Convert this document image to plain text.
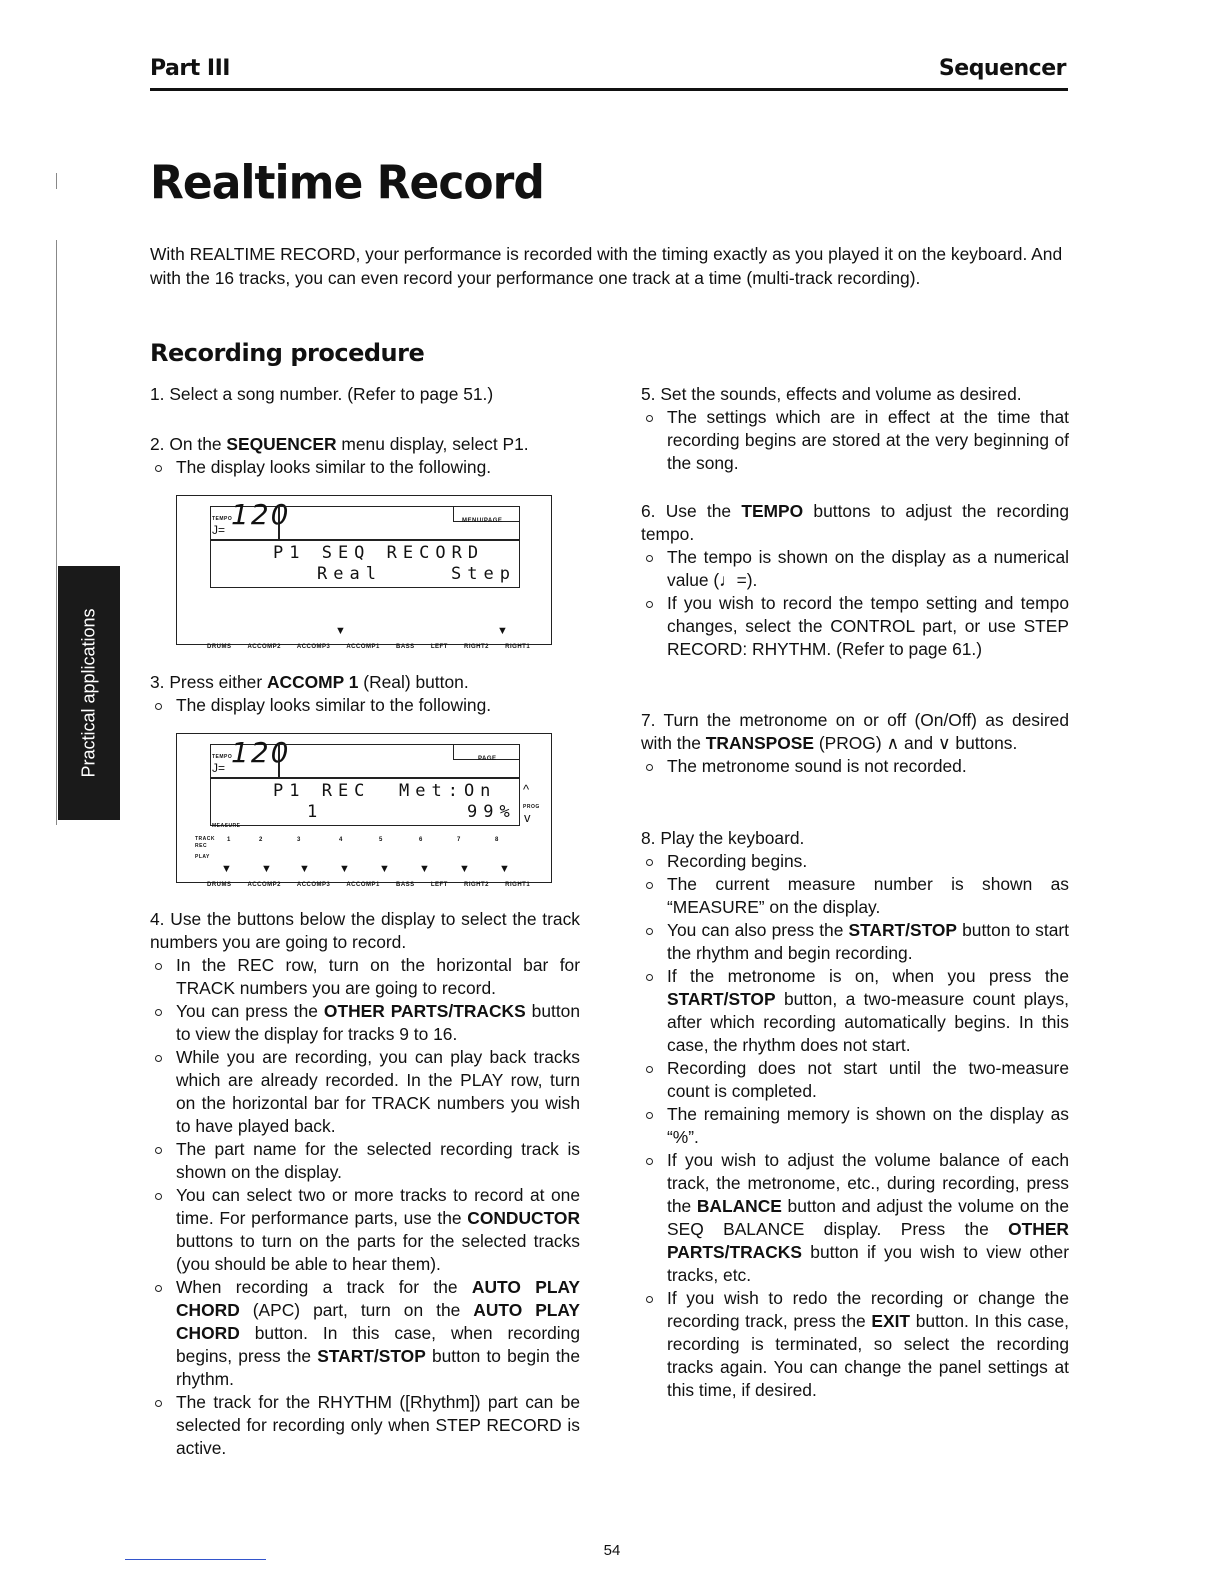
Part III	Sequencer
Practical applications
Realtime Record
With REALTIME RECORD, your performance is recorded with the timing exactly as you played it on the keyboard. And with the 16 tracks, you can even record your performance one track at a time (multi-track recording).
Recording procedure
1. Select a song number. (Refer to page 51.)
2. On the SEQUENCER menu display, select P1.
The display looks similar to the following.
TEMPO
J= 120	MENU/PAGE
P1 SEQ RECORD
Real	Step
▼	▼
DRUMS ACCOMP2 ACCOMP3 ACCOMP1 BASS LEFT RIGHT2 RIGHT1
3. Press either ACCOMP 1 (Real) button.
The display looks similar to the following.
TEMPO
J= 120	PAGE
P1 REC Met:On
1	99%
MEASURE
^
PROG
v
TRACK
REC
PLAY
1	2	3	4	5	6	7	8
▼	▼ ▼	▼	▼	▼	▼	▼
DRUMS ACCOMP2 ACCOMP3 ACCOMP1 BASS LEFT RIGHT2 RIGHT1
4. Use the buttons below the display to select the track numbers you are going to record.
In the REC row, turn on the horizontal bar for TRACK numbers you are going to record.
You can press the OTHER PARTS/TRACKS button to view the display for tracks 9 to 16.
While you are recording, you can play back tracks which are already recorded. In the PLAY row, turn on the horizontal bar for TRACK numbers you wish to have played back.
The part name for the selected recording track is shown on the display.
You can select two or more tracks to record at one time. For performance parts, use the CONDUCTOR buttons to turn on the parts for the selected tracks (you should be able to hear them).
When recording a track for the AUTO PLAY CHORD (APC) part, turn on the AUTO PLAY CHORD button. In this case, when recording begins, press the START/STOP button to begin the rhythm.
The track for the RHYTHM ([Rhythm]) part can be selected for recording only when STEP RECORD is active.
5. Set the sounds, effects and volume as desired.
The settings which are in effect at the time that recording begins are stored at the very beginning of the song.
6. Use the TEMPO buttons to adjust the recording tempo.
The tempo is shown on the display as a numerical value (♩=).
If you wish to record the tempo setting and tempo changes, select the CONTROL part, or use STEP RECORD: RHYTHM. (Refer to page 61.)
7. Turn the metronome on or off (On/Off) as desired with the TRANSPOSE (PROG) ∧ and ∨ buttons.
The metronome sound is not recorded.
8. Play the keyboard.
Recording begins.
The current measure number is shown as “MEASURE” on the display.
You can also press the START/STOP button to start the rhythm and begin recording.
If the metronome is on, when you press the START/STOP button, a two-measure count plays, after which recording automatically begins. In this case, the rhythm does not start.
Recording does not start until the two-measure count is completed.
The remaining memory is shown on the display as “%”.
If you wish to adjust the volume balance of each track, the metronome, etc., during recording, press the BALANCE button and adjust the volume on the SEQ BALANCE display. Press the OTHER PARTS/TRACKS button if you wish to view other tracks, etc.
If you wish to redo the recording or change the recording track, press the EXIT button. In this case, recording is terminated, so select the recording tracks again. You can change the panel settings at this time, if desired.
54
